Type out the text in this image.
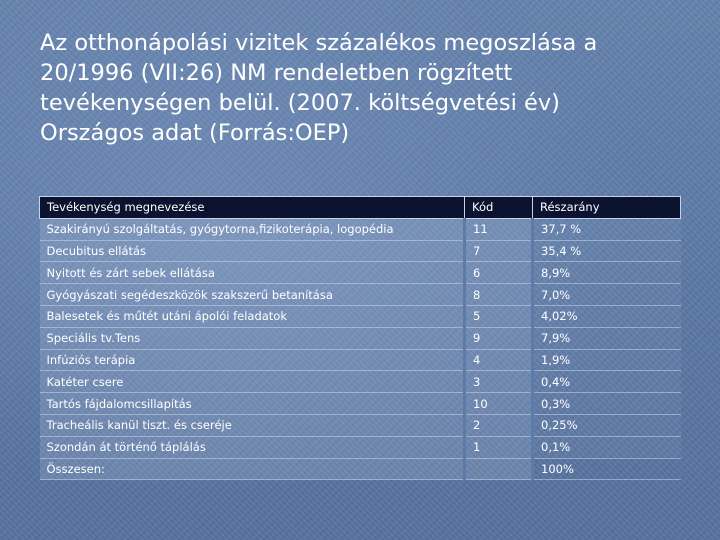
Az otthonápolási vizitek százalékos megoszlása a
20/1996 (VII:26) NM rendeletben rögzített
tevékenységen belül. (2007. költségvetési év)
Országos adat (Forrás:OEP)
Tevékenység megnevezése	Kód	Részarány
Szakirányú szolgáltatás, gyógytorna,fizikoterápia, logopédia	11	37,7 %
Decubitus ellátás	7	35,4 %
Nyitott és zárt sebek ellátása	6	8,9%
Gyógyászati segédeszközök szakszerű betanítása	8	7,0%
Balesetek és műtét utáni ápolói feladatok	5	4,02%
Speciális tv.Tens	9	7,9%
Infúziós terápia	4	1,9%
Katéter csere	3	0,4%
Tartós fájdalomcsillapítás	10	0,3%
Tracheális kanül tiszt. és cseréje	2	0,25%
Szondán át történő táplálás	1	0,1%
Összesen:		100%
